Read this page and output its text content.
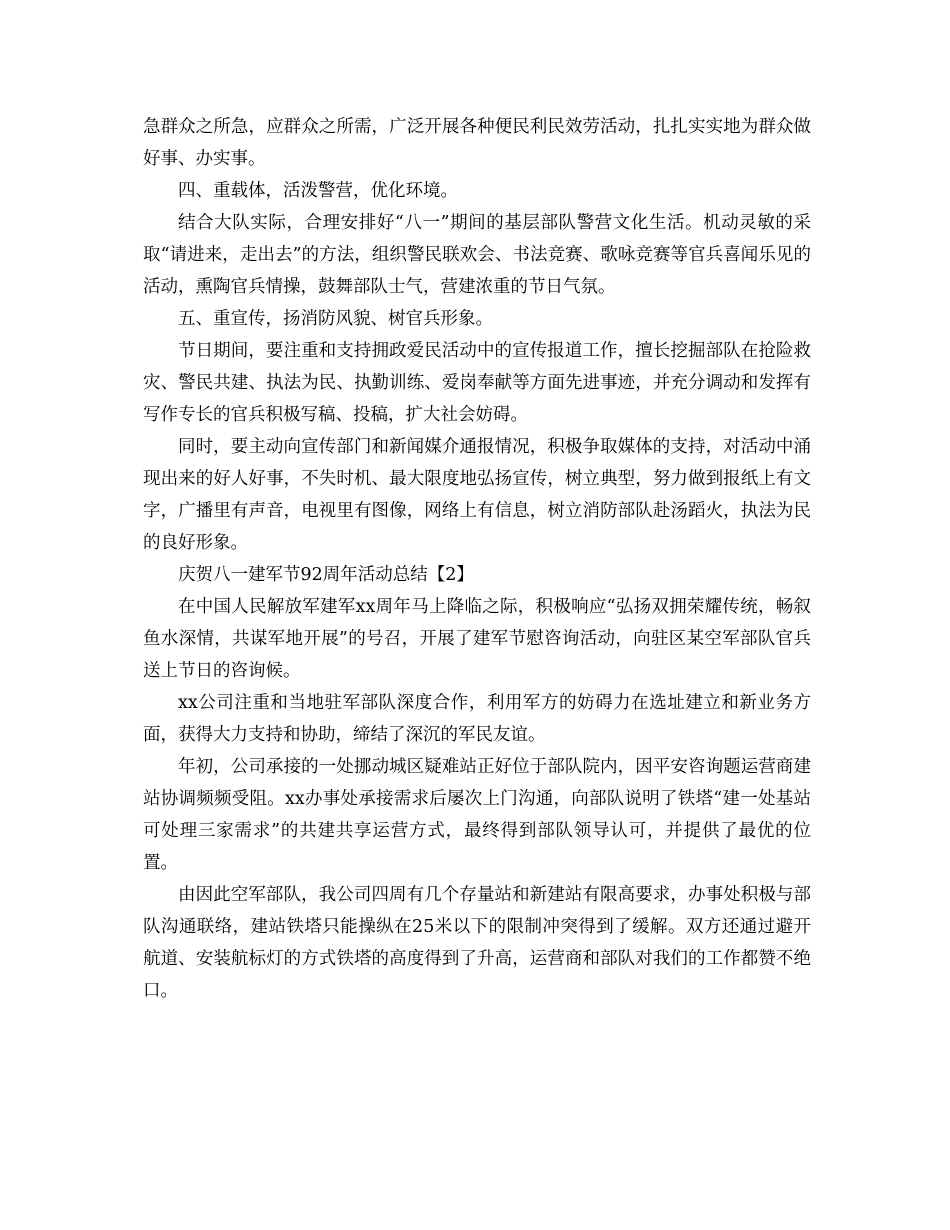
急群众之所急，应群众之所需，广泛开展各种便民利民效劳活动，扎扎实实地为群众做好事、办实事。

四、重载体，活泼警营，优化环境。

结合大队实际，合理安排好“八一”期间的基层部队警营文化生活。机动灵敏的采取“请进来，走出去”的方法，组织警民联欢会、书法竞赛、歌咏竞赛等官兵喜闻乐见的活动，熏陶官兵情操，鼓舞部队士气，营建浓重的节日气氛。

五、重宣传，扬消防风貌、树官兵形象。

节日期间，要注重和支持拥政爱民活动中的宣传报道工作，擅长挖掘部队在抢险救灾、警民共建、执法为民、执勤训练、爱岗奉献等方面先进事迹，并充分调动和发挥有写作专长的官兵积极写稿、投稿，扩大社会妨碍。

同时，要主动向宣传部门和新闻媒介通报情况，积极争取媒体的支持，对活动中涌现出来的好人好事，不失时机、最大限度地弘扬宣传，树立典型，努力做到报纸上有文字，广播里有声音，电视里有图像，网络上有信息，树立消防部队赴汤蹈火，执法为民的良好形象。

庆贺八一建军节92周年活动总结【2】

在中国人民解放军建军xx周年马上降临之际，积极响应“弘扬双拥荣耀传统，畅叙鱼水深情，共谋军地开展”的号召，开展了建军节慰咨询活动，向驻区某空军部队官兵送上节日的咨询候。

xx公司注重和当地驻军部队深度合作，利用军方的妨碍力在选址建立和新业务方面，获得大力支持和协助，缔结了深沉的军民友谊。

年初，公司承接的一处挪动城区疑难站正好位于部队院内，因平安咨询题运营商建站协调频频受阻。xx办事处承接需求后屡次上门沟通，向部队说明了铁塔“建一处基站可处理三家需求”的共建共享运营方式，最终得到部队领导认可，并提供了最优的位置。

由因此空军部队，我公司四周有几个存量站和新建站有限高要求，办事处积极与部队沟通联络，建站铁塔只能操纵在25米以下的限制冲突得到了缓解。双方还通过避开航道、安装航标灯的方式铁塔的高度得到了升高，运营商和部队对我们的工作都赞不绝口。
